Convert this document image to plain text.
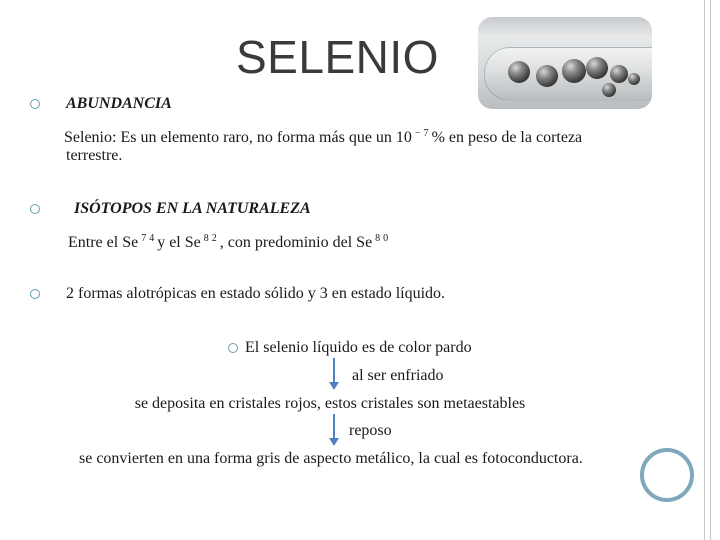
SELENIO
ABUNDANCIA
Selenio: Es un elemento raro, no forma más que un 10 $^{-7}$% en peso de la corteza
terrestre.
ISÓTOPOS EN LA NATURALEZA
Entre el Se $^{74}$y el Se $^{82}$, con predominio del Se $^{80}$
2 formas alotrópicas en estado sólido y 3 en estado líquido.
El selenio líquido es de color pardo
al ser enfriado
se deposita en cristales rojos, estos cristales son metaestables
reposo
se convierten en una forma gris de aspecto metálico, la cual es fotoconductora.
